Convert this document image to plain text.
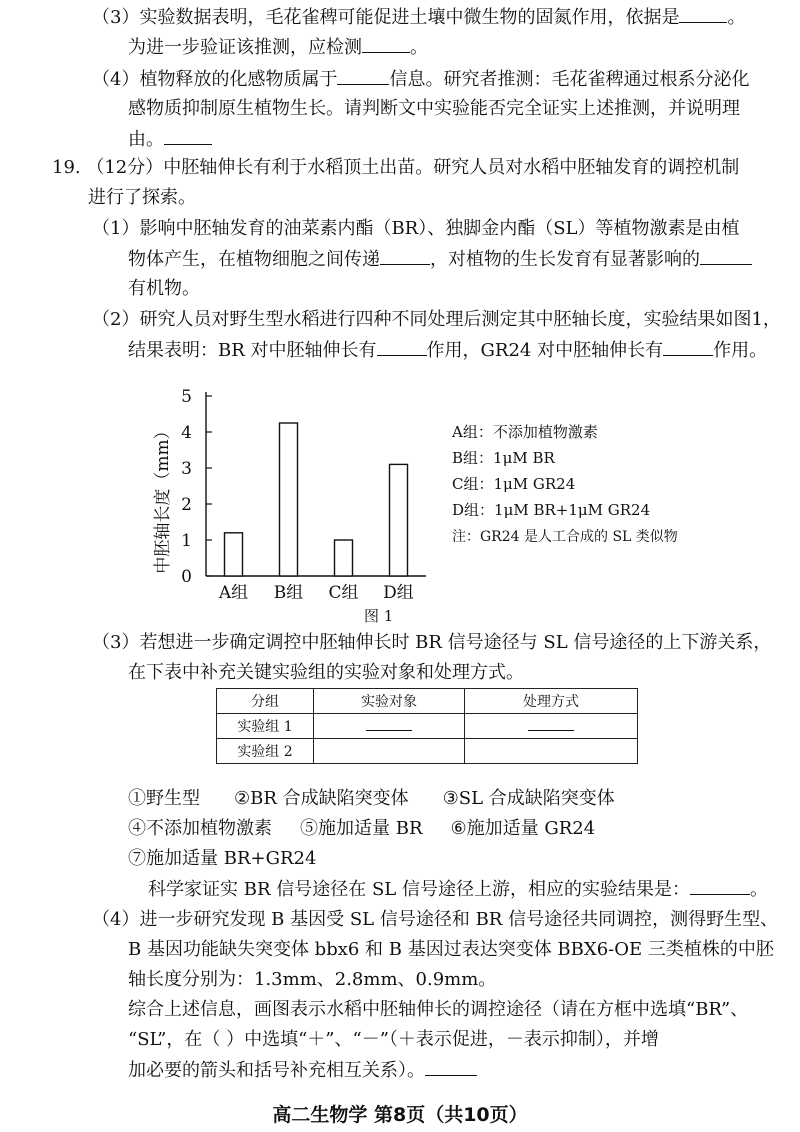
（3）实验数据表明，毛花雀稗可能促进土壤中微生物的固氮作用，依据是	。
为进一步验证该推测，应检测	。
（4）植物释放的化感物质属于	信息。研究者推测：毛花雀稗通过根系分泌化
感物质抑制原生植物生长。请判断文中实验能否完全证实上述推测，并说明理
由。
19. （12分）中胚轴伸长有利于水稻顶土出苗。研究人员对水稻中胚轴发育的调控机制
进行了探索。
（1）影响中胚轴发育的油菜素内酯（BR）、独脚金内酯（SL）等植物激素是由植
物体产生，在植物细胞之间传递	，对植物的生长发育有显著影响的
有机物。
（2）研究人员对野生型水稻进行四种不同处理后测定其中胚轴长度，实验结果如图1，
结果表明：BR 对中胚轴伸长有	作用，GR24 对中胚轴伸长有	作用。
中胚轴长度（mm）
0
1
2
3
4
5
A组 B组 C组 D组
图 1
A组：不添加植物激素
B组：1μM BR
C组：1μM GR24
D组：1μM BR+1μM GR24
注：GR24 是人工合成的 SL 类似物
（3）若想进一步确定调控中胚轴伸长时 BR 信号途径与 SL 信号途径的上下游关系，
在下表中补充关键实验组的实验对象和处理方式。
分组	实验对象	处理方式
实验组 1		
实验组 2		
①野生型 ②BR 合成缺陷突变体 ③SL 合成缺陷突变体
④不添加植物激素 ⑤施加适量 BR ⑥施加适量 GR24
⑦施加适量 BR+GR24
科学家证实 BR 信号途径在 SL 信号途径上游，相应的实验结果是：	。
（4）进一步研究发现 B 基因受 SL 信号途径和 BR 信号途径共同调控，测得野生型、
B 基因功能缺失突变体 bbx6 和 B 基因过表达突变体 BBX6-OE 三类植株的中胚
轴长度分别为：1.3mm、2.8mm、0.9mm。
综合上述信息，画图表示水稻中胚轴伸长的调控途径（请在方框中选填“BR”、
“SL”，在（ ）中选填“＋”、“－”（＋表示促进，－表示抑制），并增
加必要的箭头和括号补充相互关系）。
高二生物学 第8页（共10页）
